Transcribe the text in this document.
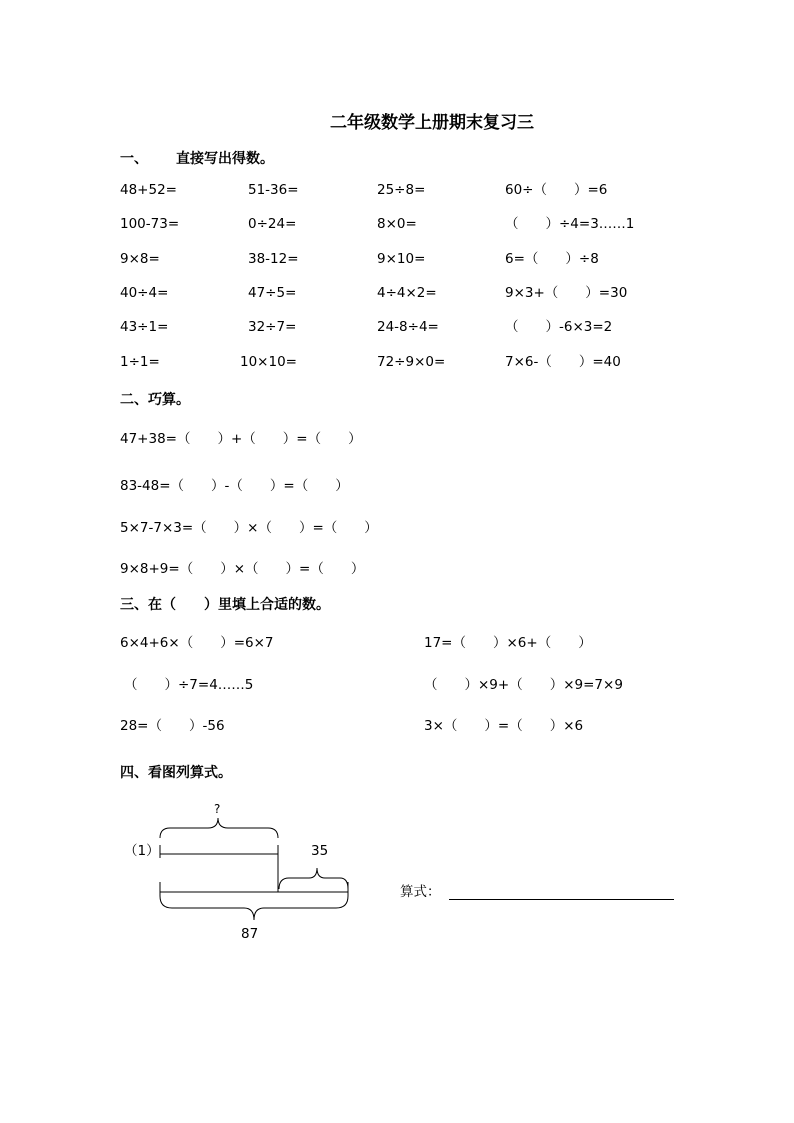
二年级数学上册期末复习三
一、 直接写出得数。
48+52=	51-36=	25÷8=	60÷（　　）=6
100-73=	0÷24=	8×0=	（　　）÷4=3……1
9×8=	38-12=	9×10=	6=（　　）÷8
40÷4=	47÷5=	4÷4×2=	9×3+（　　）=30
43÷1=	32÷7=	24-8÷4=	（　　）-6×3=2
1÷1=	10×10=	72÷9×0=	7×6-（　　）=40
二、巧算。
47+38=（　　）+（　　）=（　　）
83-48=（　　）-（　　）=（　　）
5×7-7×3=（　　）×（　　）=（　　）
9×8+9=（　　）×（　　）=（　　）
三、在（　　）里填上合适的数。
6×4+6×（　　）=6×7	17=（　　）×6+（　　）
（　　）÷7=4……5	（　　）×9+（　　）×9=7×9
28=（　　）-56	3×（　　）=（　　）×6
四、看图列算式。
（1）
?
35
87
算式：
